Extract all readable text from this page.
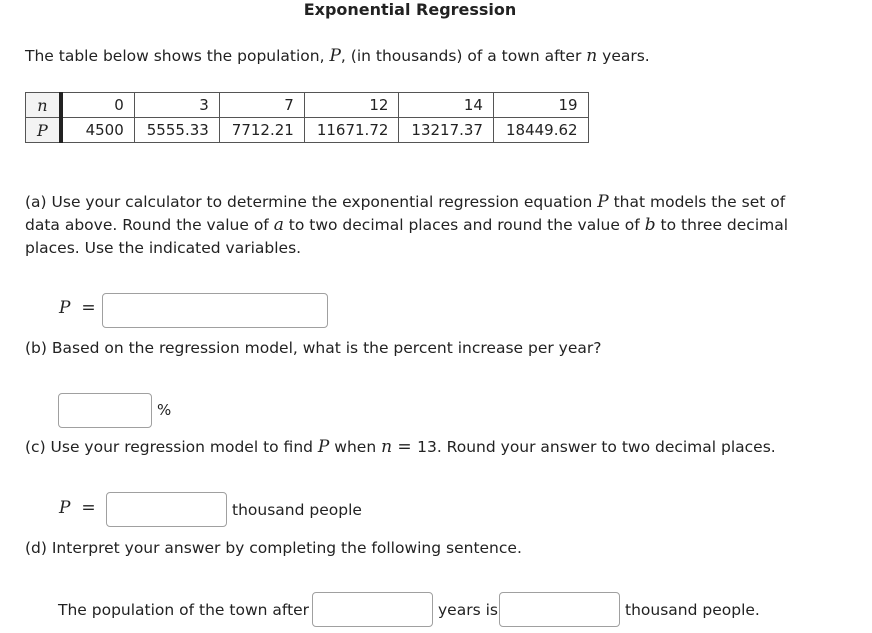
Exponential Regression
The table below shows the population, P, (in thousands) of a town after n years.
n	0	3	7	12	14	19
P	4500	5555.33	7712.21	11671.72	13217.37	18449.62
(a) Use your calculator to determine the exponential regression equation P that models the set of
data above. Round the value of a to two decimal places and round the value of b to three decimal
places. Use the indicated variables.
P =
(b) Based on the regression model, what is the percent increase per year?
%
(c) Use your regression model to find P when n = 13. Round your answer to two decimal places.
P =	thousand people
(d) Interpret your answer by completing the following sentence.
The population of the town after	years is	thousand people.
